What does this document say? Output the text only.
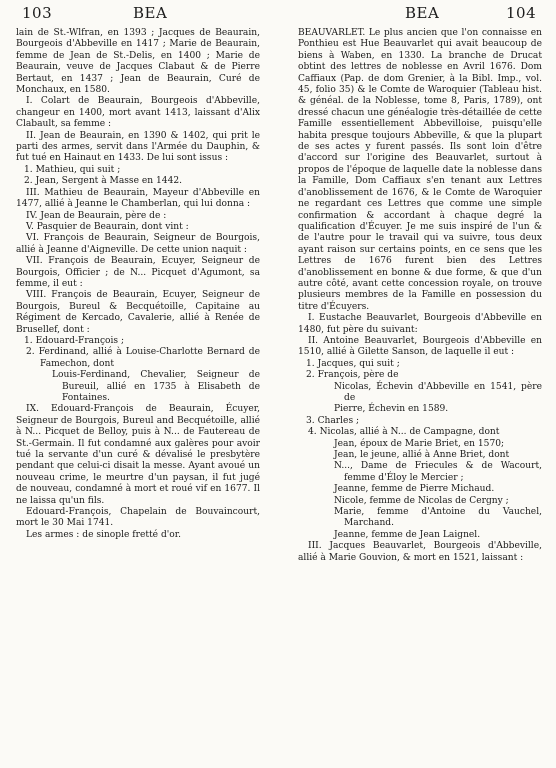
103	BEA	BEA	104

lain de St.-Wlfran, en 1393 ; Jacques de Beaurain, Bourgeois d'Abbeville en 1417 ; Marie de Beaurain, femme de Jean de St.-Delis, en 1400 ; Marie de Beaurain, veuve de Jacques Clabaut & de Pierre Bertaut, en 1437 ; Jean de Beaurain, Curé de Monchaux, en 1580.

I. Colart de Beaurain, Bourgeois d'Abbeville, changeur en 1400, mort avant 1413, laissant d'Alix Clabault, sa femme :

II. Jean de Beaurain, en 1390 & 1402, qui prit le parti des armes, servit dans l'Armée du Dauphin, & fut tué en Hainaut en 1433. De lui sont issus :

1. Mathieu, qui suit ;

2. Jean, Sergent à Masse en 1442.

III. Mathieu de Beaurain, Mayeur d'Abbeville en 1477, allié à Jeanne le Chamberlan, qui lui donna :

IV. Jean de Beaurain, père de :

V. Pasquier de Beaurain, dont vint :

VI. François de Beaurain, Seigneur de Bourgois, allié à Jeanne d'Aigneville. De cette union naquit :

VII. François de Beaurain, Ecuyer, Seigneur de Bourgois, Officier ; de N... Picquet d'Agumont, sa femme, il eut :

VIII. François de Beaurain, Ecuyer, Seigneur de Bourgois, Bureul & Becquétoille, Capitaine au Régiment de Kercado, Cavalerie, allié à Renée de Brusellef, dont :

1. Edouard-François ;

2. Ferdinand, allié à Louise-Charlotte Bernard de Famechon, dont

Louis-Ferdinand, Chevalier, Seigneur de Bureuil, allié en 1735 à Elisabeth de Fontaines.

IX. Edouard-François de Beaurain, Écuyer, Seigneur de Bourgois, Bureul and Becquétoille, allié à N... Picquet de Belloy, puis à N... de Fautereau de St.-Germain. Il fut condamné aux galères pour avoir tué la servante d'un curé & dévalisé le presbytère pendant que celui-ci disait la messe. Ayant avoué un nouveau crime, le meurtre d'un paysan, il fut jugé de nouveau, condamné à mort et roué vif en 1677. Il ne laissa qu'un fils.

Edouard-François, Chapelain de Bouvaincourt, mort le 30 Mai 1741.

Les armes : de sinople fretté d'or.

BEAUVARLET. Le plus ancien que l'on connaisse en Ponthieu est Hue Beauvarlet qui avait beaucoup de biens à Waben, en 1330. La branche de Drucat obtint des lettres de noblesse en Avril 1676. Dom Caffiaux (Pap. de dom Grenier, à la Bibl. Imp., vol. 45, folio 35) & le Comte de Waroquier (Tableau hist. & généal. de la Noblesse, tome 8, Paris, 1789), ont dressé chacun une généalogie très-détaillée de cette Famille essentiellement Abbevilloise, puisqu'elle habita presque toujours Abbeville, & que la plupart de ses actes y furent passés. Ils sont loin d'être d'accord sur l'origine des Beauvarlet, surtout à propos de l'époque de laquelle date la noblesse dans la Famille, Dom Caffiaux s'en tenant aux Lettres d'anoblissement de 1676, & le Comte de Waroquier ne regardant ces Lettres que comme une simple confirmation & accordant à chaque degré la qualification d'Écuyer. Je me suis inspiré de l'un & de l'autre pour le travail qui va suivre, tous deux ayant raison sur certains points, en ce sens que les Lettres de 1676 furent bien des Lettres d'anoblissement en bonne & due forme, & que d'un autre côté, avant cette concession royale, on trouve plusieurs membres de la Famille en possession du titre d'Écuyers.

I. Eustache Beauvarlet, Bourgeois d'Abbeville en 1480, fut père du suivant:

II. Antoine Beauvarlet, Bourgeois d'Abbeville en 1510, allié à Gilette Sanson, de laquelle il eut :

1. Jacques, qui suit ;

2. François, père de

Nicolas, Échevin d'Abbeville en 1541, père de

Pierre, Échevin en 1589.

3. Charles ;

4. Nicolas, allié à N... de Campagne, dont

Jean, époux de Marie Briet, en 1570;

Jean, le jeune, allié à Anne Briet, dont

N..., Dame de Friecules & de Wacourt, femme d'Éloy le Mercier ;

Jeanne, femme de Pierre Michaud.

Nicole, femme de Nicolas de Cergny ;

Marie, femme d'Antoine du Vauchel, Marchand.

Jeanne, femme de Jean Laignel.

III. Jacques Beauvarlet, Bourgeois d'Abbeville, allié à Marie Gouvion, & mort en 1521, laissant :
